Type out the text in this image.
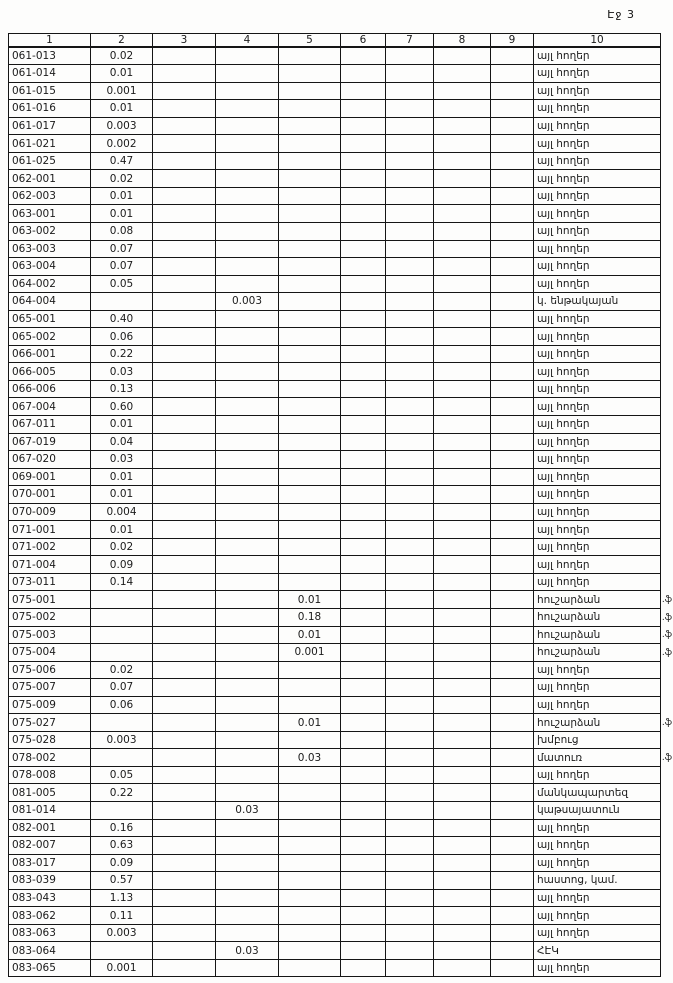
Էջ 3
1	2	3	4	5	6	7	8	9	10
061-013	0.02								այլ հողեր
061-014	0.01								այլ հողեր
061-015	0.001								այլ հողեր
061-016	0.01								այլ հողեր
061-017	0.003								այլ հողեր
061-021	0.002								այլ հողեր
061-025	0.47								այլ հողեր
062-001	0.02								այլ հողեր
062-003	0.01								այլ հողեր
063-001	0.01								այլ հողեր
063-002	0.08								այլ հողեր
063-003	0.07								այլ հողեր
063-004	0.07								այլ հողեր
064-002	0.05								այլ հողեր
064-004			0.003						կ. ենթակայան
065-001	0.40								այլ հողեր
065-002	0.06								այլ հողեր
066-001	0.22								այլ հողեր
066-005	0.03								այլ հողեր
066-006	0.13								այլ հողեր
067-004	0.60								այլ հողեր
067-011	0.01								այլ հողեր
067-019	0.04								այլ հողեր
067-020	0.03								այլ հողեր
069-001	0.01								այլ հողեր
070-001	0.01								այլ հողեր
070-009	0.004								այլ հողեր
071-001	0.01								այլ հողեր
071-002	0.02								այլ հողեր
071-004	0.09								այլ հողեր
073-011	0.14								այլ հողեր
075-001				0.01					հուշարձան
075-002				0.18					հուշարձան
075-003				0.01					հուշարձան
075-004				0.001					հուշարձան
075-006	0.02								այլ հողեր
075-007	0.07								այլ հողեր
075-009	0.06								այլ հողեր
075-027				0.01					հուշարձան
075-028	0.003								խմբուց
078-002				0.03					մատուռ
078-008	0.05								այլ հողեր
081-005	0.22								մանկապարտեզ
081-014			0.03						կաթսայատուն
082-001	0.16								այլ հողեր
082-007	0.63								այլ հողեր
083-017	0.09								այլ հողեր
083-039	0.57								հաստոց, կամ.
083-043	1.13								այլ հողեր
083-062	0.11								այլ հողեր
083-063	0.003								այլ հողեր
083-064			0.03						ՀԷԿ
083-065	0.001								այլ հողեր
.ֆ
.ֆ
.ֆ
.ֆ
.ֆ
.ֆ
